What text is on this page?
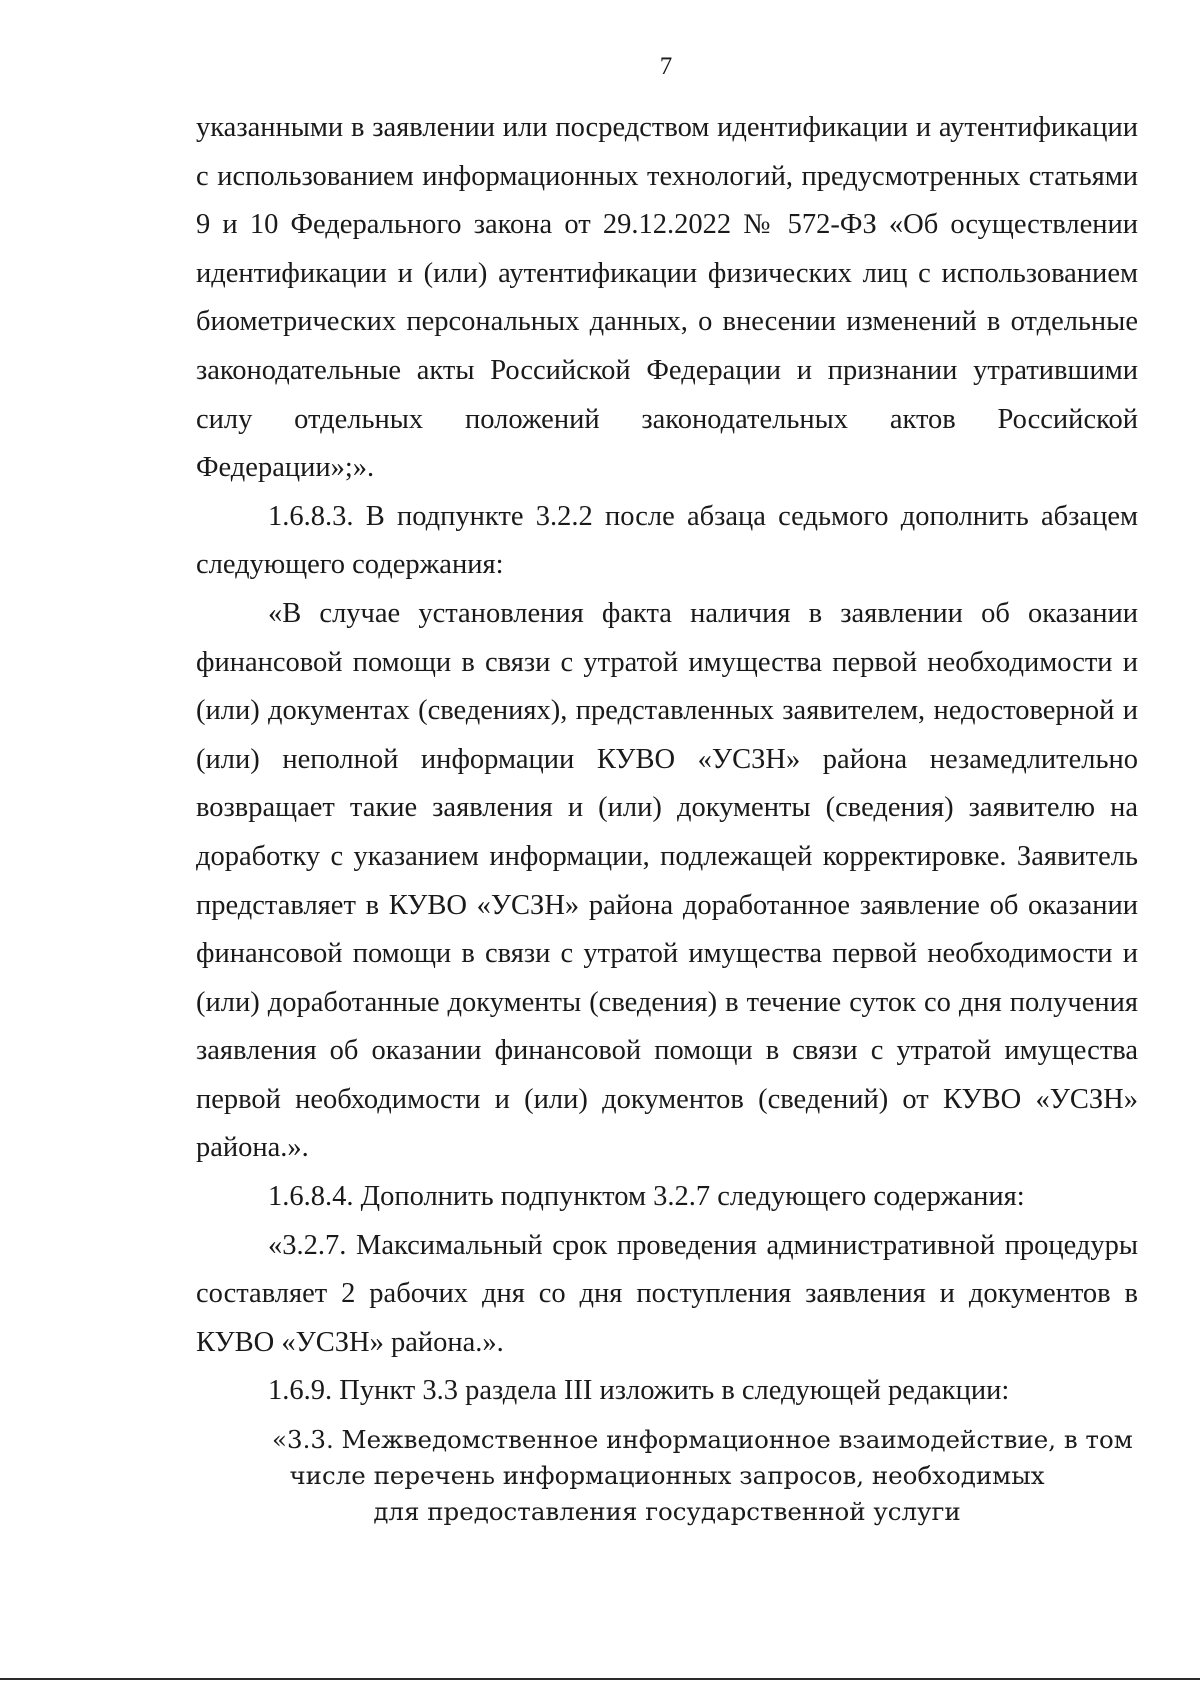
7

указанными в заявлении или посредством идентификации и аутентификации с использованием информационных технологий, предусмотренных статьями 9 и 10 Федерального закона от 29.12.2022 № 572-ФЗ «Об осуществлении идентификации и (или) аутентификации физических лиц с использованием биометрических персональных данных, о внесении изменений в отдельные законодательные акты Российской Федерации и признании утратившими силу отдельных положений законодательных актов Российской

Федерации»;».

1.6.8.3. В подпункте 3.2.2 после абзаца седьмого дополнить абзацем следующего содержания:

«В случае установления факта наличия в заявлении об оказании финансовой помощи в связи с утратой имущества первой необходимости и (или) документах (сведениях), представленных заявителем, недостоверной и (или) неполной информации КУВО «УСЗН» района незамедлительно возвращает такие заявления и (или) документы (сведения) заявителю на доработку с указанием информации, подлежащей корректировке. Заявитель представляет в КУВО «УСЗН» района доработанное заявление об оказании финансовой помощи в связи с утратой имущества первой необходимости и (или) доработанные документы (сведения) в течение суток со дня получения заявления об оказании финансовой помощи в связи с утратой имущества первой необходимости и (или) документов (сведений) от КУВО «УСЗН» района.».

1.6.8.4. Дополнить подпунктом 3.2.7 следующего содержания:

«3.2.7. Максимальный срок проведения административной процедуры составляет 2 рабочих дня со дня поступления заявления и документов в КУВО «УСЗН» района.».

1.6.9. Пункт 3.3 раздела III изложить в следующей редакции:

«3.3. Межведомственное информационное взаимодействие, в том
числе перечень информационных запросов, необходимых
для предоставления государственной услуги
